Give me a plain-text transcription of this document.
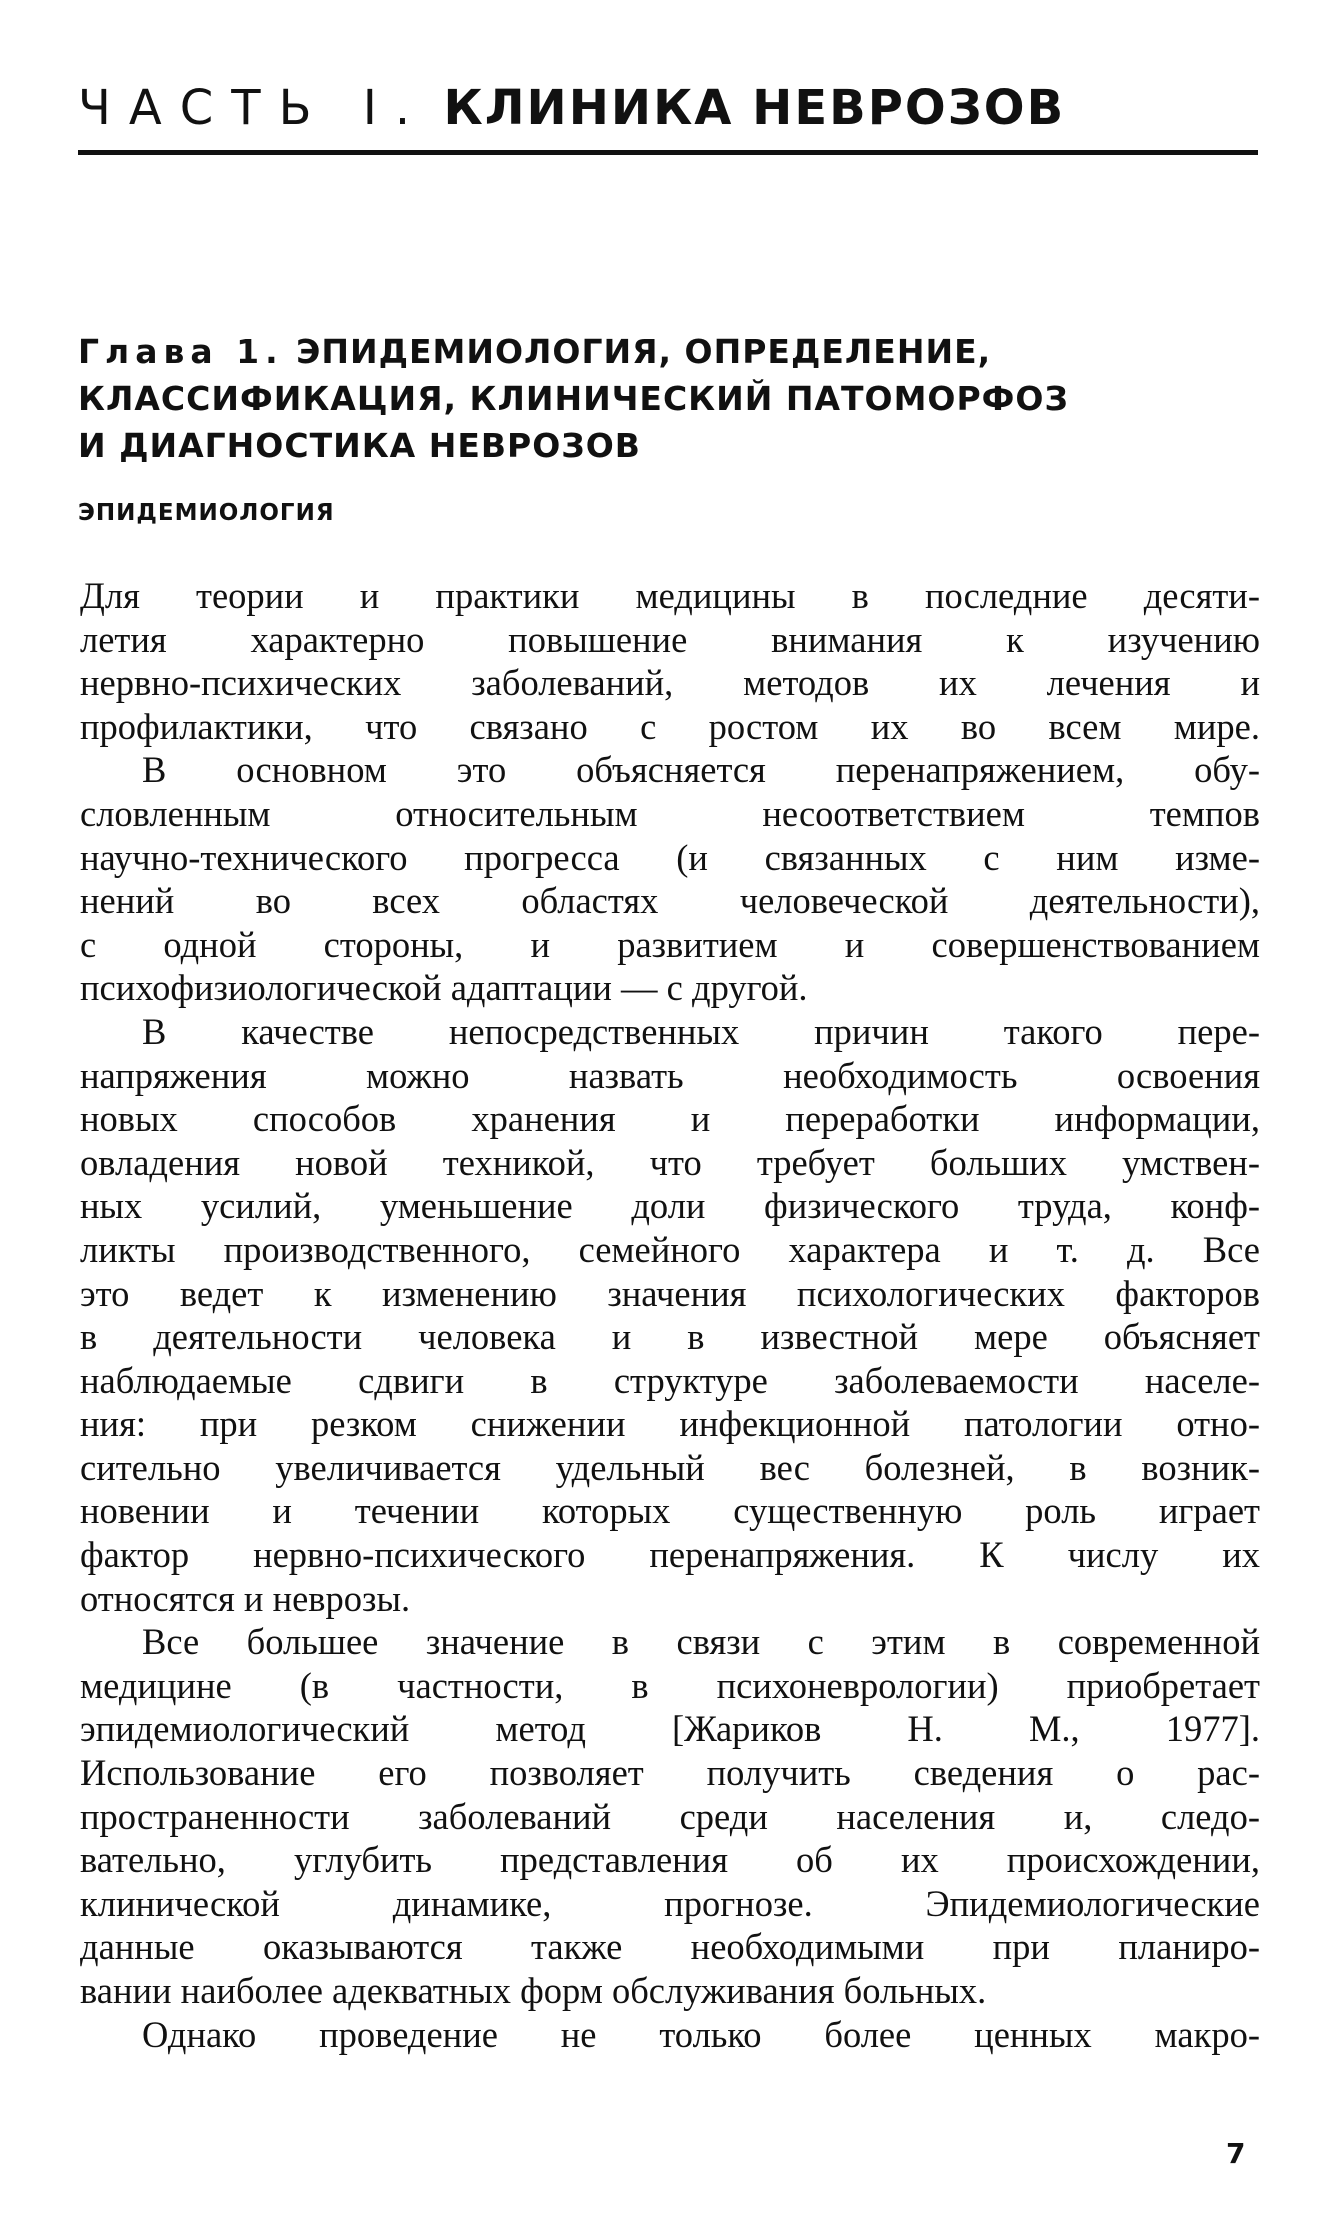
ЧАСТЬ I. КЛИНИКА НЕВРОЗОВ
Глава 1. ЭПИДЕМИОЛОГИЯ, ОПРЕДЕЛЕНИЕ,
КЛАССИФИКАЦИЯ, КЛИНИЧЕСКИЙ ПАТОМОРФОЗ
И ДИАГНОСТИКА НЕВРОЗОВ
ЭПИДЕМИОЛОГИЯ
Для теории и практики медицины в последние десяти-
летия характерно повышение внимания к изучению
нервно-психических заболеваний, методов их лечения и
профилактики, что связано с ростом их во всем мире.
В основном это объясняется перенапряжением, обу-
словленным относительным несоответствием темпов
научно-технического прогресса (и связанных с ним изме-
нений во всех областях человеческой деятельности),
с одной стороны, и развитием и совершенствованием
психофизиологической адаптации — с другой.
В качестве непосредственных причин такого пере-
напряжения можно назвать необходимость освоения
новых способов хранения и переработки информации,
овладения новой техникой, что требует больших умствен-
ных усилий, уменьшение доли физического труда, конф-
ликты производственного, семейного характера и т. д. Все
это ведет к изменению значения психологических факторов
в деятельности человека и в известной мере объясняет
наблюдаемые сдвиги в структуре заболеваемости населе-
ния: при резком снижении инфекционной патологии отно-
сительно увеличивается удельный вес болезней, в возник-
новении и течении которых существенную роль играет
фактор нервно-психического перенапряжения. К числу их
относятся и неврозы.
Все большее значение в связи с этим в современной
медицине (в частности, в психоневрологии) приобретает
эпидемиологический метод [Жариков Н. М., 1977].
Использование его позволяет получить сведения о рас-
пространенности заболеваний среди населения и, следо-
вательно, углубить представления об их происхождении,
клинической динамике, прогнозе. Эпидемиологические
данные оказываются также необходимыми при планиро-
вании наиболее адекватных форм обслуживания больных.
Однако проведение не только более ценных макро-
7
